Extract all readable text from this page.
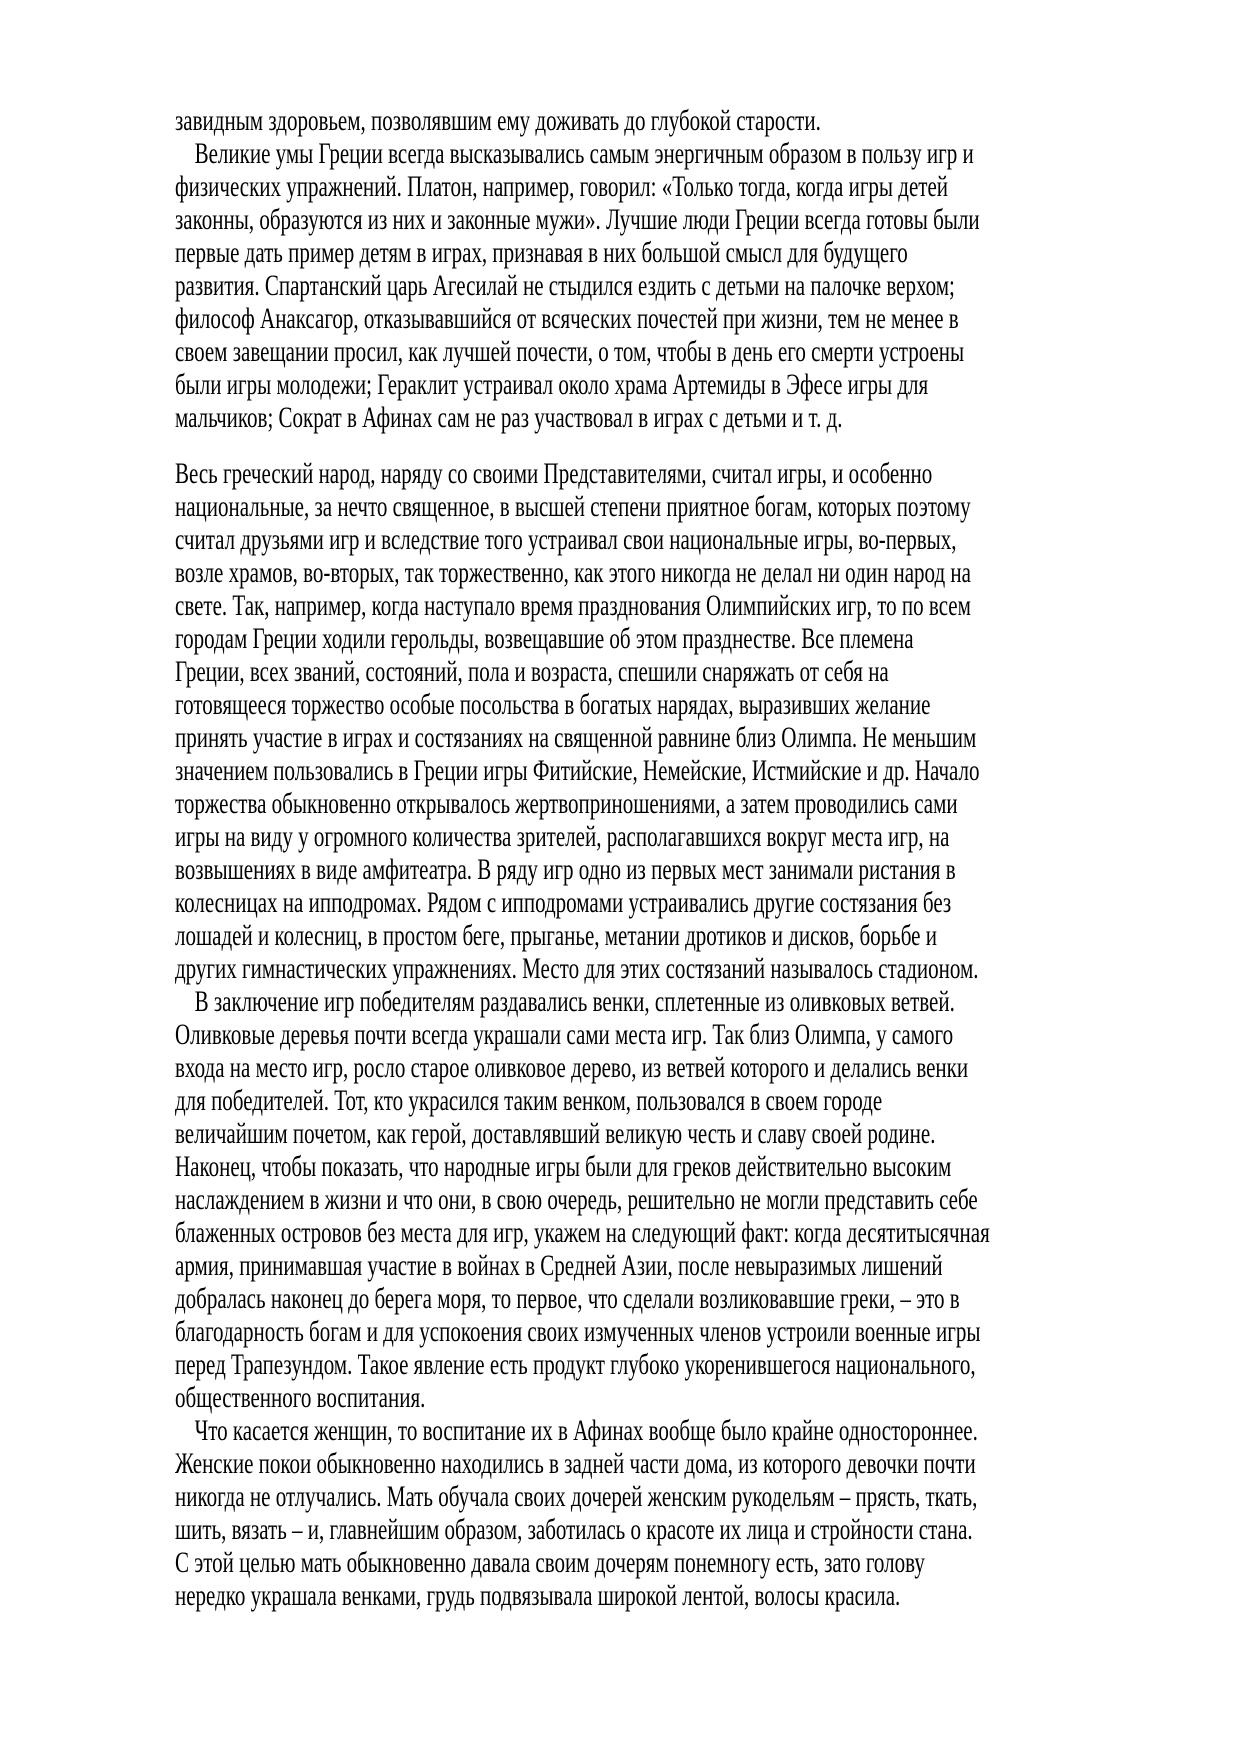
завидным здоровьем, позволявшим ему доживать до глубокой старости.
Великие умы Греции всегда высказывались самым энергичным образом в пользу игр и
физических упражнений. Платон, например, говорил: «Только тогда, когда игры детей
законны, образуются из них и законные мужи». Лучшие люди Греции всегда готовы были
первые дать пример детям в играх, признавая в них большой смысл для будущего
развития. Спартанский царь Агесилай не стыдился ездить с детьми на палочке верхом;
философ Анаксагор, отказывавшийся от всяческих почестей при жизни, тем не менее в
своем завещании просил, как лучшей почести, о том, чтобы в день его смерти устроены
были игры молодежи; Гераклит устраивал около храма Артемиды в Эфесе игры для
мальчиков; Сократ в Афинах сам не раз участвовал в играх с детьми и т. д.
Весь греческий народ, наряду со своими Представителями, считал игры, и особенно
национальные, за нечто священное, в высшей степени приятное богам, которых поэтому
считал друзьями игр и вследствие того устраивал свои национальные игры, во-первых,
возле храмов, во-вторых, так торжественно, как этого никогда не делал ни один народ на
свете. Так, например, когда наступало время празднования Олимпийских игр, то по всем
городам Греции ходили герольды, возвещавшие об этом празднестве. Все племена
Греции, всех званий, состояний, пола и возраста, спешили снаряжать от себя на
готовящееся торжество особые посольства в богатых нарядах, выразивших желание
принять участие в играх и состязаниях на священной равнине близ Олимпа. Не меньшим
значением пользовались в Греции игры Фитийские, Немейские, Истмийские и др. Начало
торжества обыкновенно открывалось жертвоприношениями, а затем проводились сами
игры на виду у огромного количества зрителей, располагавшихся вокруг места игр, на
возвышениях в виде амфитеатра. В ряду игр одно из первых мест занимали ристания в
колесницах на ипподромах. Рядом с ипподромами устраивались другие состязания без
лошадей и колесниц, в простом беге, прыганье, метании дротиков и дисков, борьбе и
других гимнастических упражнениях. Место для этих состязаний называлось стадионом.
В заключение игр победителям раздавались венки, сплетенные из оливковых ветвей.
Оливковые деревья почти всегда украшали сами места игр. Так близ Олимпа, у самого
входа на место игр, росло старое оливковое дерево, из ветвей которого и делались венки
для победителей. Тот, кто украсился таким венком, пользовался в своем городе
величайшим почетом, как герой, доставлявший великую честь и славу своей родине.
Наконец, чтобы показать, что народные игры были для греков действительно высоким
наслаждением в жизни и что они, в свою очередь, решительно не могли представить себе
блаженных островов без места для игр, укажем на следующий факт: когда десятитысячная
армия, принимавшая участие в войнах в Средней Азии, после невыразимых лишений
добралась наконец до берега моря, то первое, что сделали возликовавшие греки, – это в
благодарность богам и для успокоения своих измученных членов устроили военные игры
перед Трапезундом. Такое явление есть продукт глубоко укоренившегося национального,
общественного воспитания.
Что касается женщин, то воспитание их в Афинах вообще было крайне одностороннее.
Женские покои обыкновенно находились в задней части дома, из которого девочки почти
никогда не отлучались. Мать обучала своих дочерей женским рукодельям – прясть, ткать,
шить, вязать – и, главнейшим образом, заботилась о красоте их лица и стройности стана.
С этой целью мать обыкновенно давала своим дочерям понемногу есть, зато голову
нередко украшала венками, грудь подвязывала широкой лентой, волосы красила.
